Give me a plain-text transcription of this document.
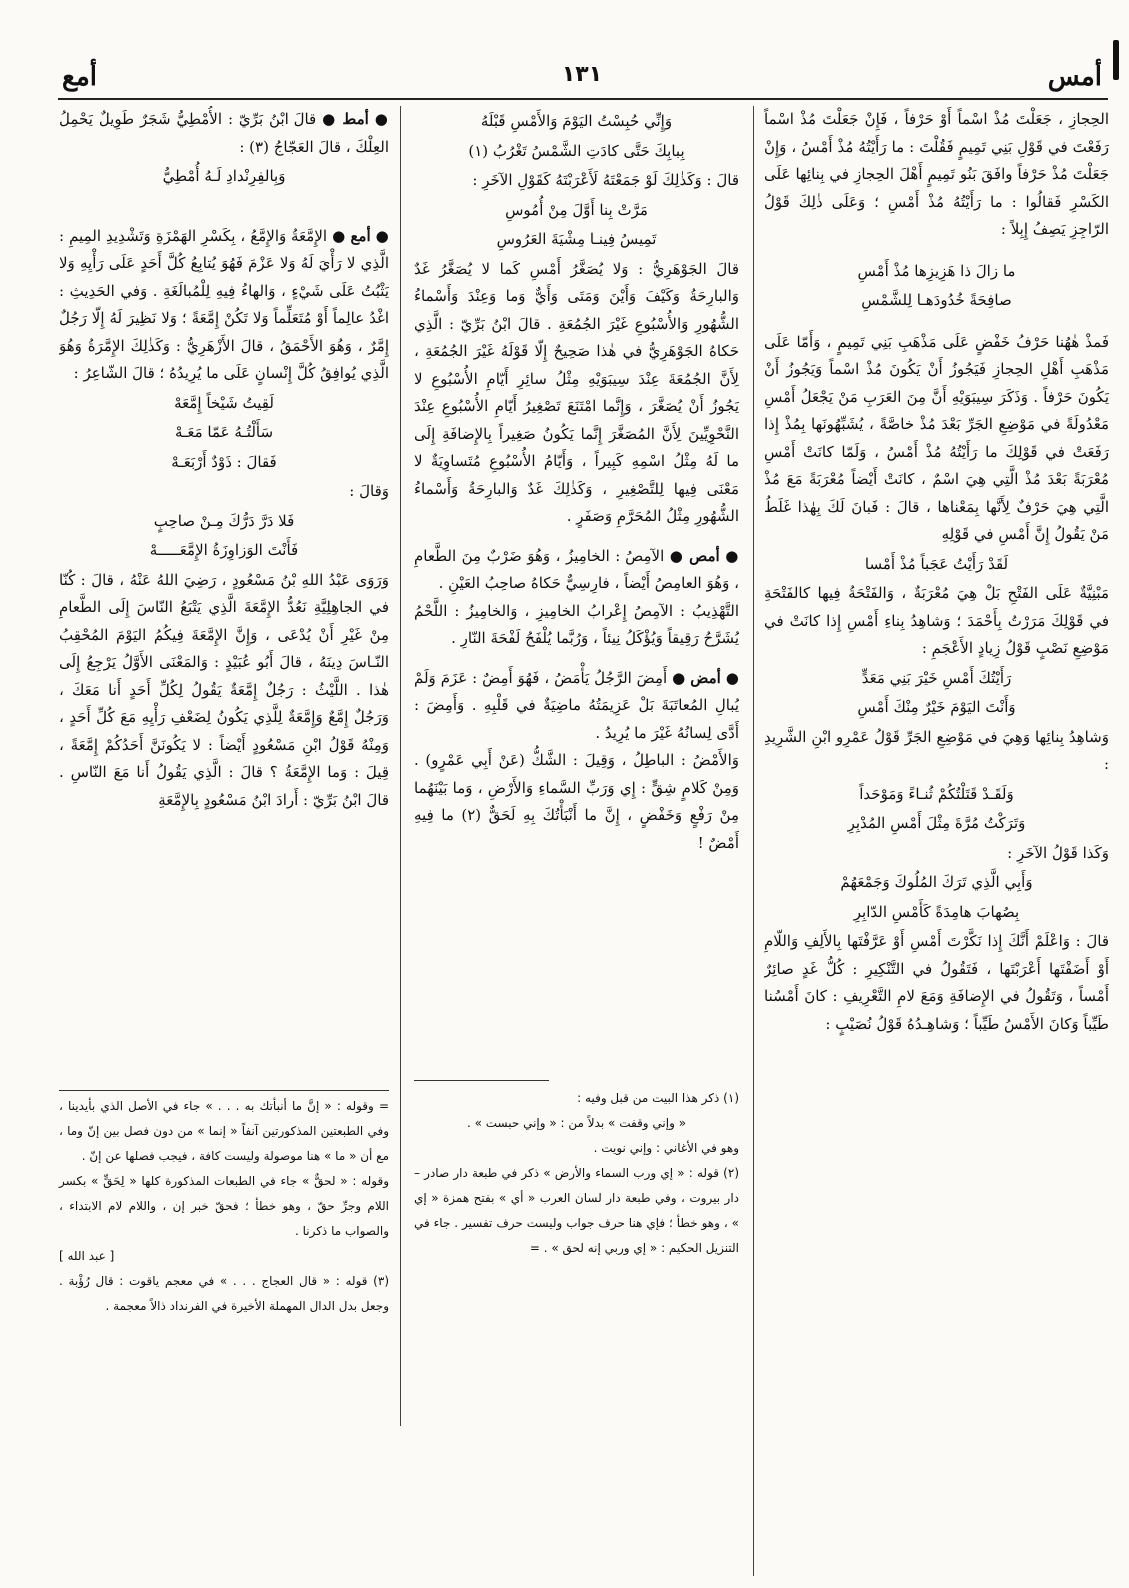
أمس
١٣١
أمع

الحِجازِ ، جَعَلْتَ مُذْ اسْماً أَوْ حَرْفاً ، فَإِنْ جَعَلْتَ مُذْ اسْماً رَفَعْتَ في قَوْلِ بَنِي تَمِيمٍ فَقُلْتَ : ما رَأَيْتُهُ مُذْ أَمْسُ ، وَإِنْ جَعَلْتَ مُذْ حَرْفاً وافَقَ بَنُو تَمِيمٍ أَهْلَ الحِجازِ في بِنائِها عَلَى الكَسْرِ فَقالُوا : ما رَأَيْتُهُ مُذْ أَمْسِ ؛ وَعَلَى ذٰلِكَ قَوْلُ الرّاجِزِ يَصِفُ إِبِلاً :

ما زالَ ذا هَزِيزِها مُذْ أَمْسِ

صافِحَةً خُدُودَهـا لِلشَّمْسِ

فَمذْ هٰهُنا حَرْفُ خَفْضٍ عَلَى مَذْهَبِ بَنِي تَمِيمٍ ، وَأَمّا عَلَى مَذْهَبِ أَهْلِ الحِجازِ فَيَجُوزُ أَنْ يَكُونَ مُذْ اسْماً وَيَجُوزُ أَنْ يَكُونَ حَرْفاً . وَذَكَرَ سِيبَوَيْهِ أَنَّ مِنَ العَرَبِ مَنْ يَجْعَلُ أَمْسِ مَعْدُولَةً في مَوْضِعِ الجَرِّ بَعْدَ مُذْ خاصَّةً ، يُشَبِّهُونَها بِمُذْ إِذا رَفَعَتْ في قَوْلِكَ ما رَأَيْتُهُ مُذْ أَمْسُ ، وَلَمّا كانَتْ أَمْسِ مُعْرَبَةً بَعْدَ مُذْ الَّتِي هِيَ اسْمٌ ، كانَتْ أَيْضاً مُعْرَبَةً مَعَ مُذْ الَّتِي هِيَ حَرْفٌ لِأَنَّها بِمَعْناها ، قالَ : فَبانَ لَكَ بِهٰذا غَلَطُ مَنْ يَقُولُ إِنَّ أَمْسِ في قَوْلِهِ

لَقَدْ رَأَيْتُ عَجَباً مُذْ أَمْسا

مَبْنِيَّةٌ عَلَى الفَتْحِ بَلْ هِيَ مُعْرَبَةٌ ، وَالفَتْحَةُ فِيها كالفَتْحَةِ في قَوْلِكَ مَرَرْتُ بِأَحْمَدَ ؛ وَشاهِدُ بِناءِ أَمْسِ إِذا كانَتْ في مَوْضِعِ نَصْبٍ قَوْلُ زِيادٍ الأَعْجَمِ :

رَأَيْتُكَ أَمْسِ خَيْرَ بَنِي مَعَدٍّ

وَأَنْتَ اليَوْمَ خَيْرٌ مِنْكَ أَمْسِ

وَشاهِدُ بِنائِها وَهِيَ في مَوْضِعِ الجَرِّ قَوْلُ عَمْرِو ابْنِ الشَّرِيدِ :

وَلَقَـدْ قَتَلْتُكُمْ ثُنـاءً وَمَوْحَداً

وَتَرَكْتُ مُرَّةَ مِثْلَ أَمْسِ المُدْبِرِ

وَكَذا قَوْلُ الآخَرِ :

وَأَبِي الَّذِي تَرَكَ المُلُوكَ وَجَمْعَهُمْ

بِصُهابَ هامِدَةً كَأَمْسِ الدّابِرِ

قالَ : وَاعْلَمْ أَنَّكَ إِذا نَكَّرْتَ أَمْسِ أَوْ عَرَّفْتَها بِالأَلِفِ وَاللّامِ أَوْ أَضَفْتَها أَعْرَبْتَها ، فَتَقُولُ في التَّنْكِيرِ : كُلُّ غَدٍ صائِرٌ أَمْساً ، وَتَقُولُ في الإِضافَةِ وَمَعَ لامِ التَّعْرِيفِ : كانَ أَمْسُنا طَيِّباً وَكانَ الأَمْسُ طَيِّباً ؛ وَشاهِـدُهُ قَوْلُ نُصَيْبٍ :

وَإِنِّي حُبِسْتُ اليَوْمَ وَالأَمْسِ قَبْلَهُ

بِبابِكَ حَتَّى كادَتِ الشَّمْسُ تَغْرُبُ (١)

قالَ : وَكَذٰلِكَ لَوْ جَمَعْتَهُ لَأَعْرَبْتَهُ كَقَوْلِ الآخَرِ :

مَرَّتْ بِنا أَوَّلَ مِنْ أُمُوسِ

تَمِيسُ فِينـا مِشْيَةَ العَرُوسِ

قالَ الجَوْهَرِيُّ : وَلا يُصَغَّرُ أَمْسِ كَما لا يُصَغَّرُ غَدٌ وَالبارِحَةُ وَكَيْفَ وَأَيْنَ وَمَتَى وَأَيٌّ وَما وَعِنْدَ وَأَسْماءُ الشُّهُورِ وَالأُسْبُوعِ غَيْرَ الجُمُعَةِ . قالَ ابْنُ بَرِّيّ : الَّذِي حَكاهُ الجَوْهَرِيُّ في هٰذا صَحِيحٌ إِلّا قَوْلَهُ غَيْرَ الجُمُعَةِ ، لِأَنَّ الجُمُعَةَ عِنْدَ سِيبَوَيْهِ مِثْلُ سائِرِ أَيّامِ الأُسْبُوعِ لا يَجُوزُ أَنْ يُصَغَّرَ ، وَإِنَّما امْتَنَعَ تَصْغِيرُ أَيّامِ الأُسْبُوعِ عِنْدَ النَّحْوِيِّينَ لِأَنَّ المُصَغَّرَ إِنَّما يَكُونُ صَغِيراً بِالإِضافَةِ إِلَى ما لَهُ مِثْلُ اسْمِهِ كَبِيراً ، وَأَيّامُ الأُسْبُوعِ مُتَساوِيَةٌ لا مَعْنَى فِيها لِلتَّصْغِيرِ ، وَكَذٰلِكَ غَدٌ وَالبارِحَةُ وَأَسْماءُ الشُّهُورِ مِثْلُ المُحَرَّمِ وَصَفَرٍ .

● أمص ● الآمِصُ : الخامِيزُ ، وَهُوَ ضَرْبٌ مِنَ الطَّعامِ ، وَهُوَ العامِصُ أَيْضاً ، فارِسِيٌّ حَكاهُ صاحِبُ العَيْنِ .

التَّهْذِيبُ : الآمِصُ إِعْرابُ الخامِيزِ ، وَالخامِيزُ : اللَّحْمُ يُشَرَّحُ رَقِيقاً وَيُؤْكَلُ نِيئاً ، وَرُبَّما يُلْفَحُ لَفْحَةَ النّارِ .

● أمض ● أَمِضَ الرَّجُلُ يَأْمَضُ ، فَهُوَ أَمِضٌ : عَزَمَ وَلَمْ يُبالِ المُعاتَبَةَ بَلْ عَزِيمَتُهُ ماضِيَةٌ في قَلْبِهِ . وَأَمِضَ : أَدَّى لِسانُهُ غَيْرَ ما يُرِيدُ .

وَالأَمْضُ : الباطِلُ ، وَقِيلَ : الشَّكُّ (عَنْ أَبِي عَمْرٍو) . وَمِنْ كَلامٍ شِقٍّ : إِي وَرَبِّ السَّماءِ وَالأَرْضِ ، وَما بَيْنَهُما مِنْ رَفْعٍ وَخَفْضٍ ، إِنَّ ما أَنْبَأْتُكَ بِهِ لَحَقٌّ (٢) ما فِيهِ أَمْضٌ !

(١) ذكر هذا البيت من قبل وفيه :

« وإني وقفت » بدلاً من : « وإني حبست » .

وهو في الأغاني : وإني نويت .

(٢) قوله : « إي ورب السماء والأرض » ذكر في طبعة دار صادر – دار بيروت ، وفي طبعة دار لسان العرب « أي » بفتح همزة « إي » ، وهو خطأ ؛ فإي هنا حرف جواب وليست حرف تفسير . جاء في التنزيل الحكيم : « إي وربي إنه لحق » . =

● أمط ● قالَ ابْنُ بَرِّيّ : الأُمْطِيُّ شَجَرٌ طَوِيلٌ يَحْمِلُ العِلْكَ ، قالَ العَجّاجُ (٣) :

وَبِالفِرِنْدادِ لَـهُ أُمْطِيُّ

● أمع ● الإِمَّعَةُ وَالإِمَّعُ ، بِكَسْرِ الهَمْزَةِ وَتَشْدِيدِ المِيمِ : الَّذِي لا رَأْيَ لَهُ وَلا عَزْمَ فَهُوَ يُتابِعُ كُلَّ أَحَدٍ عَلَى رَأْيِهِ وَلا يَثْبُتُ عَلَى شَيْءٍ ، وَالهاءُ فِيهِ لِلْمُبالَغَةِ . وَفي الحَدِيثِ : اغْدُ عالِماً أَوْ مُتَعَلِّماً وَلا تَكُنْ إِمَّعَةً ؛ وَلا نَظِيرَ لَهُ إِلّا رَجُلٌ إِمَّرٌ ، وَهُوَ الأَحْمَقُ ، قالَ الأَزْهَرِيُّ : وَكَذٰلِكَ الإِمَّرَةُ وَهُوَ الَّذِي يُوافِقُ كُلَّ إِنْسانٍ عَلَى ما يُرِيدُهُ ؛ قالَ الشّاعِرُ :

لَقِيتُ شَيْخاً إِمَّعَهْ

سَأَلْتُـهُ عَمّا مَعَـهْ

فَقالَ : ذَوْدٌ أَرْبَعَـهْ

وَقالَ :

فَلا دَرَّ دَرُّكَ مِـنْ صاحِبٍ

فَأَنْتَ الوَزاوِزَةُ الإِمَّعَـــــهْ

وَرَوَى عَبْدُ اللهِ بْنُ مَسْعُودٍ ، رَضِيَ اللهُ عَنْهُ ، قالَ : كُنّا في الجاهِلِيَّةِ نَعُدُّ الإِمَّعَةَ الَّذِي يَتْبَعُ النّاسَ إِلَى الطَّعامِ مِنْ غَيْرِ أَنْ يُدْعَى ، وَإِنَّ الإِمَّعَةَ فِيكُمُ اليَوْمَ المُحْقِبُ النّـاسَ دِينَهُ ، قالَ أَبُو عُبَيْدٍ : وَالمَعْنَى الأَوَّلُ يَرْجِعُ إِلَى هٰذا . اللَّيْثُ : رَجُلٌ إِمَّعَةٌ يَقُولُ لِكُلِّ أَحَدٍ أَنا مَعَكَ ، وَرَجُلٌ إِمَّعٌ وَإِمَّعَةٌ لِلَّذِي يَكُونُ لِضَعْفِ رَأْيِهِ مَعَ كُلِّ أَحَدٍ ، وَمِنْهُ قَوْلُ ابْنِ مَسْعُودٍ أَيْضاً : لا يَكُونَنَّ أَحَدُكُمْ إِمَّعَةً ، قِيلَ : وَما الإِمَّعَةُ ؟ قالَ : الَّذِي يَقُولُ أَنا مَعَ النّاسِ . قالَ ابْنُ بَرِّيّ : أَرادَ ابْنُ مَسْعُودٍ بِالإِمَّعَةِ

= وقوله : « إنَّ ما أنبأتك به . . . » جاء في الأصل الذي بأيدينا ، وفي الطبعتين المذكورتين آنفاً « إنما » من دون فصل بين إنّ وما ، مع أن « ما » هنا موصولة وليست كافة ، فيجب فصلها عن إنّ .

وقوله : « لحقٌّ » جاء في الطبعات المذكورة كلها « لِحَقٍّ » بكسر اللام وجرِّ حقّ ، وهو خطأ ؛ فحقّ خبر إن ، واللام لام الابتداء ، والصواب ما ذكرنا .

[ عبد الله ]

(٣) قوله : « قال العجاج . . . » في معجم ياقوت : قال رُؤْبة . وجعل بدل الدال المهملة الأخيرة في الفرنداد ذالاً معجمة .
